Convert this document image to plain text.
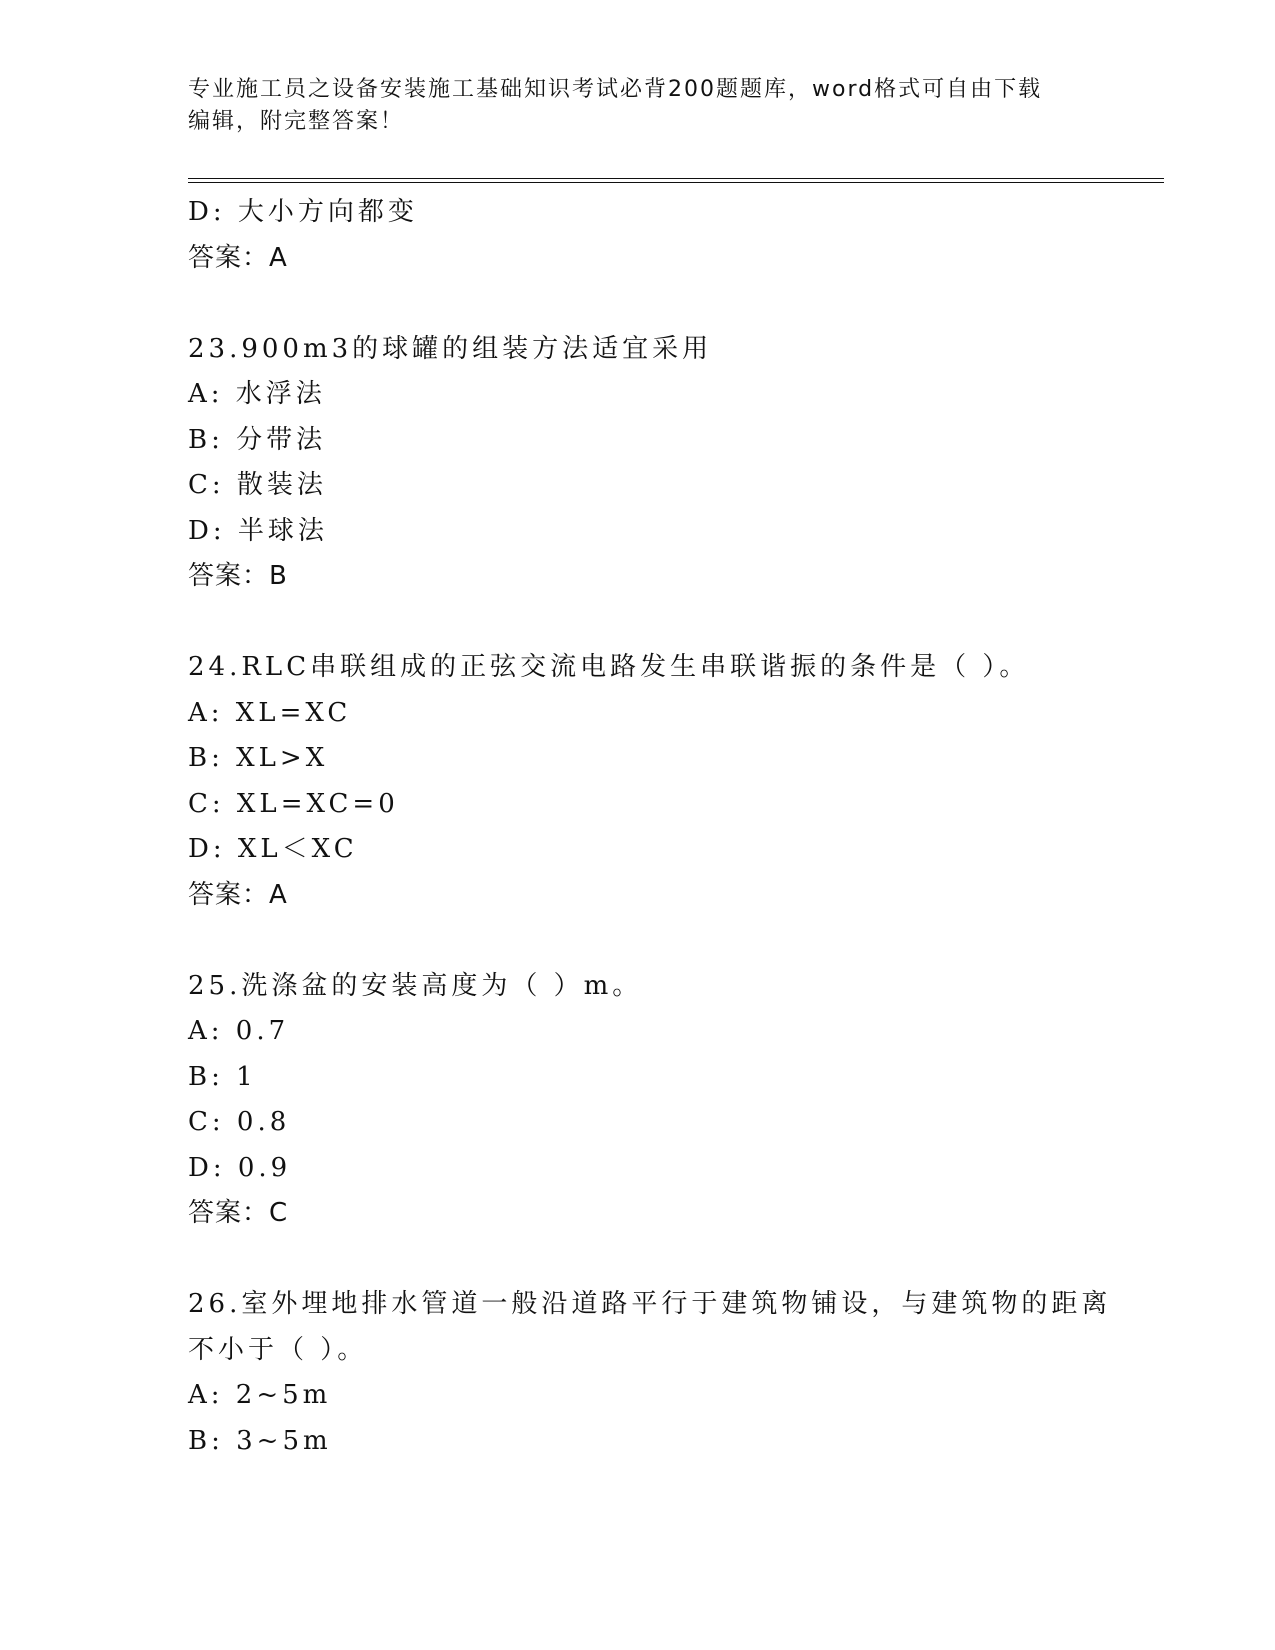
专业施工员之设备安装施工基础知识考试必背200题题库，word格式可自由下载
编辑，附完整答案！
D: 大小方向都变
答案：A
23.900m3的球罐的组装方法适宜采用
A: 水浮法
B: 分带法
C: 散装法
D: 半球法
答案：B
24.RLC串联组成的正弦交流电路发生串联谐振的条件是（ ）。
A: XL=XC
B: XL>X
C: XL=XC=0
D: XL＜XC
答案：A
25.洗涤盆的安装高度为（ ）m。
A: 0.7
B: 1
C: 0.8
D: 0.9
答案：C
26.室外埋地排水管道一般沿道路平行于建筑物铺设，与建筑物的距离
不小于（ ）。
A: 2~5m
B: 3~5m
